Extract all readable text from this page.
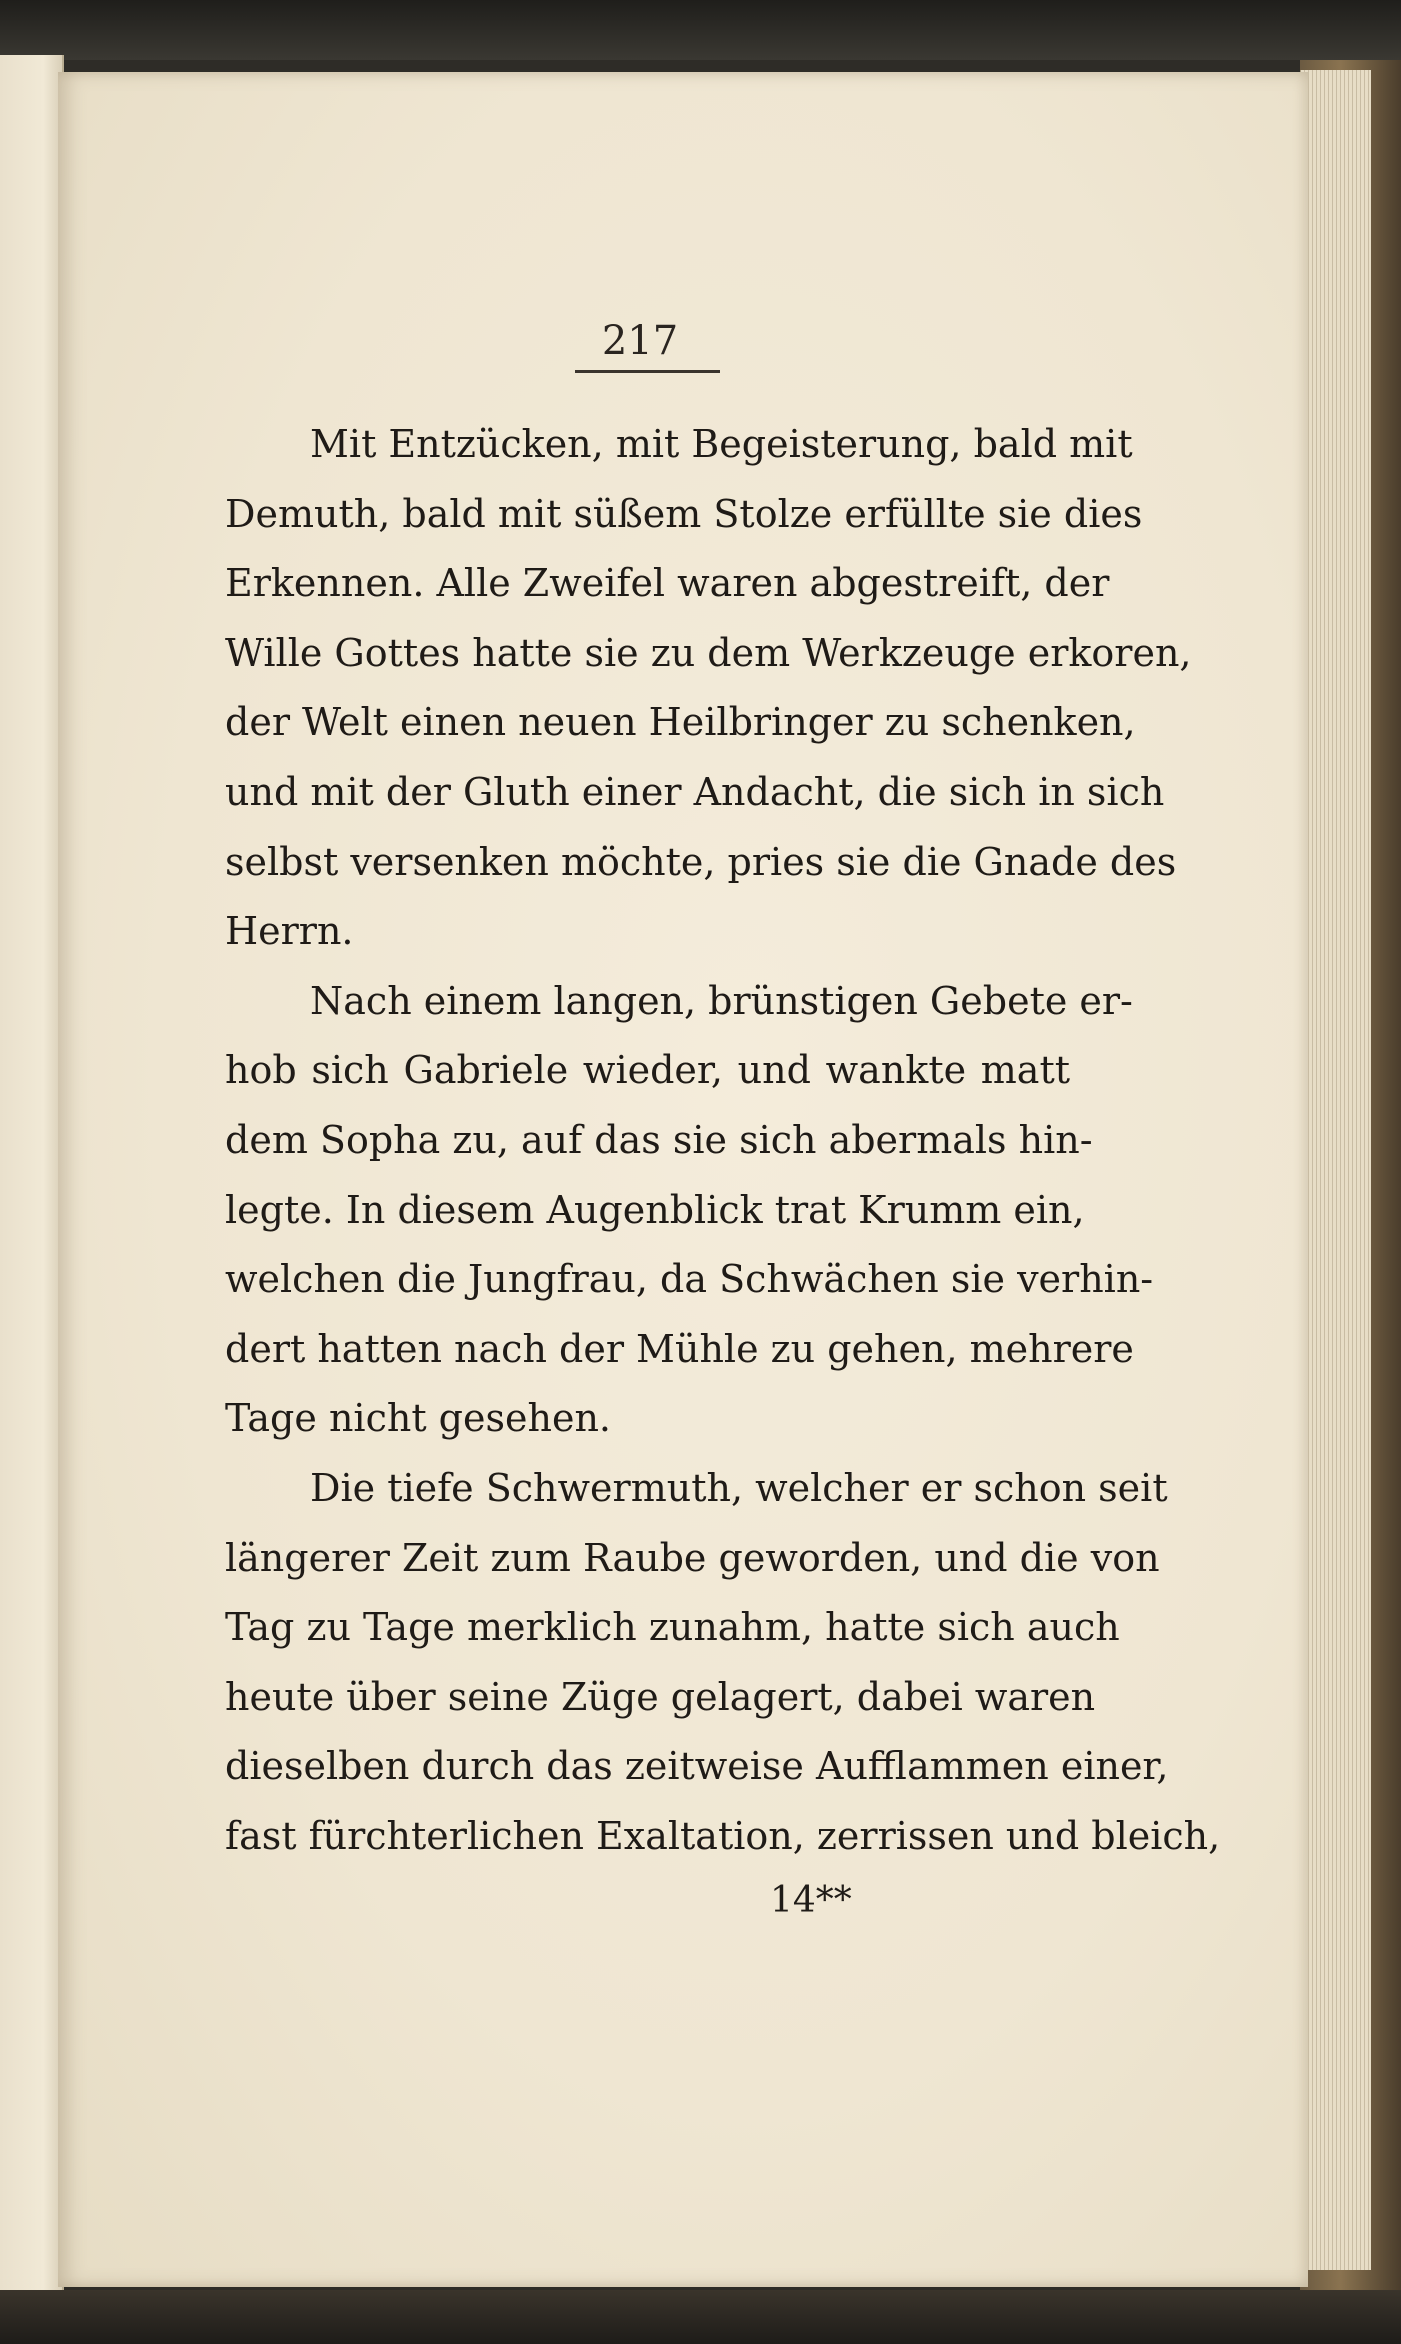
217
Mit Entzücken, mit Begeisterung, bald mit
Demuth, bald mit süßem Stolze erfüllte sie dies
Erkennen. Alle Zweifel waren abgestreift, der
Wille Gottes hatte sie zu dem Werkzeuge erkoren,
der Welt einen neuen Heilbringer zu schenken,
und mit der Gluth einer Andacht, die sich in sich
selbst versenken möchte, pries sie die Gnade des
Herrn.
Nach einem langen, brünstigen Gebete er-
hob sich Gabriele wieder, und wankte matt
dem Sopha zu, auf das sie sich abermals hin-
legte. In diesem Augenblick trat Krumm ein,
welchen die Jungfrau, da Schwächen sie verhin-
dert hatten nach der Mühle zu gehen, mehrere
Tage nicht gesehen.
Die tiefe Schwermuth, welcher er schon seit
längerer Zeit zum Raube geworden, und die von
Tag zu Tage merklich zunahm, hatte sich auch
heute über seine Züge gelagert, dabei waren
dieselben durch das zeitweise Aufflammen einer,
fast fürchterlichen Exaltation, zerrissen und bleich,
14**
